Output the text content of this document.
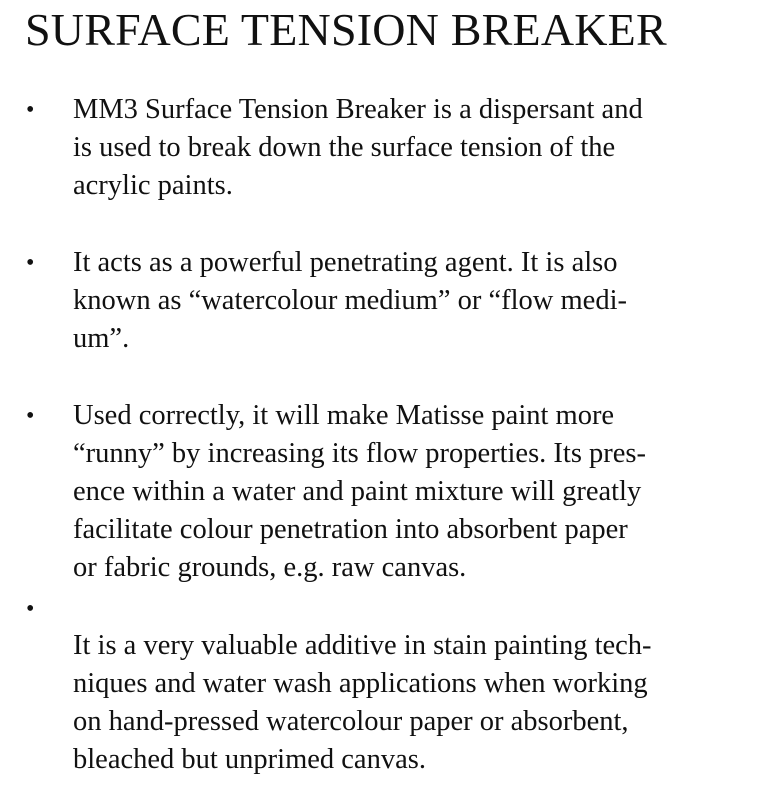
SURFACE TENSION BREAKER
• MM3 Surface Tension Breaker is a dispersant and
is used to break down the surface tension of the
acrylic paints.
• It acts as a powerful penetrating agent. It is also
known as “watercolour medium” or “flow medi-
um”.
• Used correctly, it will make Matisse paint more
“runny” by increasing its flow properties. Its pres-
ence within a water and paint mixture will greatly
facilitate colour penetration into absorbent paper
or fabric grounds, e.g. raw canvas.
•
It is a very valuable additive in stain painting tech-
niques and water wash applications when working
on hand-pressed watercolour paper or absorbent,
bleached but unprimed canvas.
